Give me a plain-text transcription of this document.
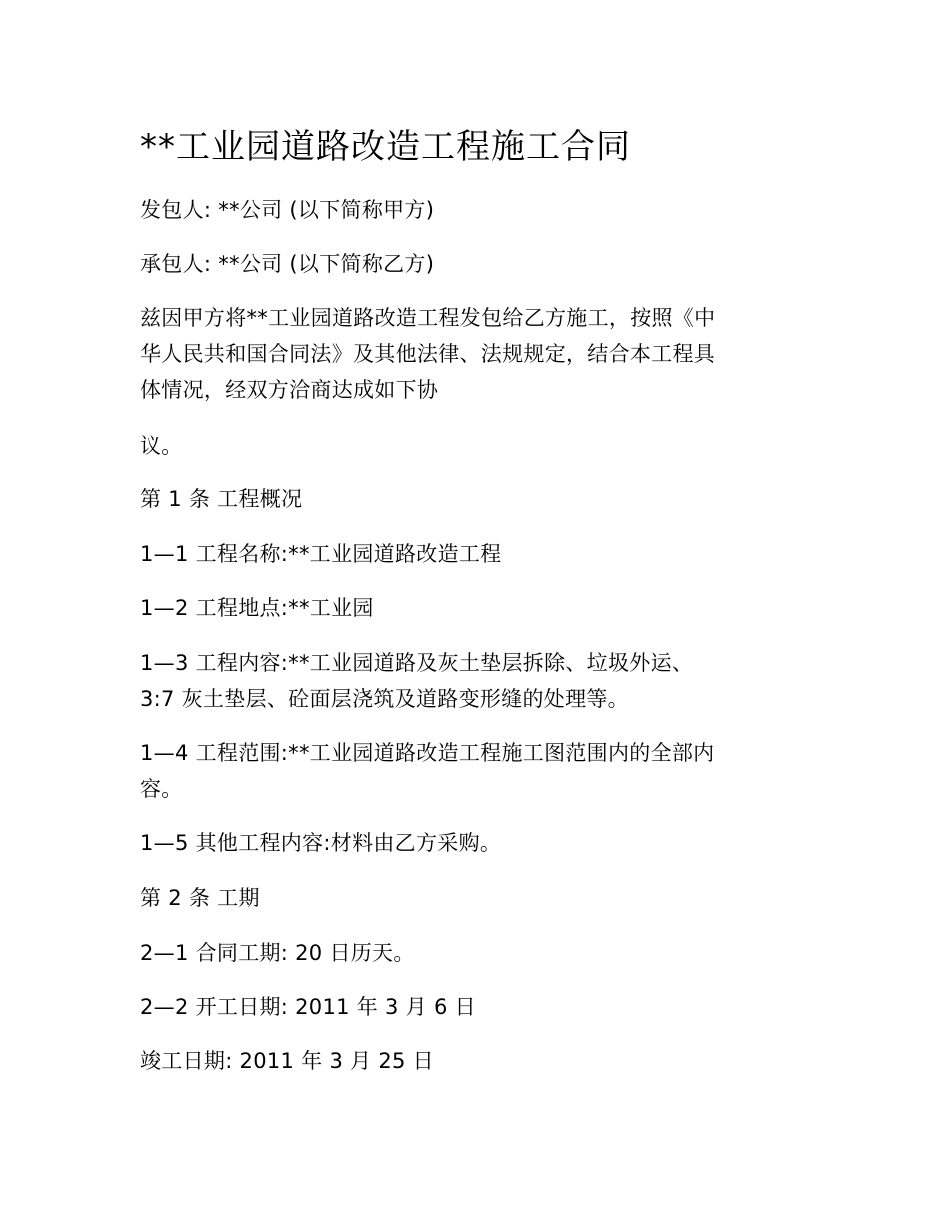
**工业园道路改造工程施工合同
发包人: **公司 (以下简称甲方)
承包人: **公司 (以下简称乙方)
兹因甲方将**工业园道路改造工程发包给乙方施工，按照《中
华人民共和国合同法》及其他法律、法规规定，结合本工程具
体情况，经双方洽商达成如下协
议。
第 1 条 工程概况
1—1 工程名称:**工业园道路改造工程
1—2 工程地点:**工业园
1—3 工程内容:**工业园道路及灰土垫层拆除、垃圾外运、
3:7 灰土垫层、砼面层浇筑及道路变形缝的处理等。
1—4 工程范围:**工业园道路改造工程施工图范围内的全部内
容。
1—5 其他工程内容:材料由乙方采购。
第 2 条 工期
2—1 合同工期: 20 日历天。
2—2 开工日期: 2011 年 3 月 6 日
竣工日期: 2011 年 3 月 25 日
